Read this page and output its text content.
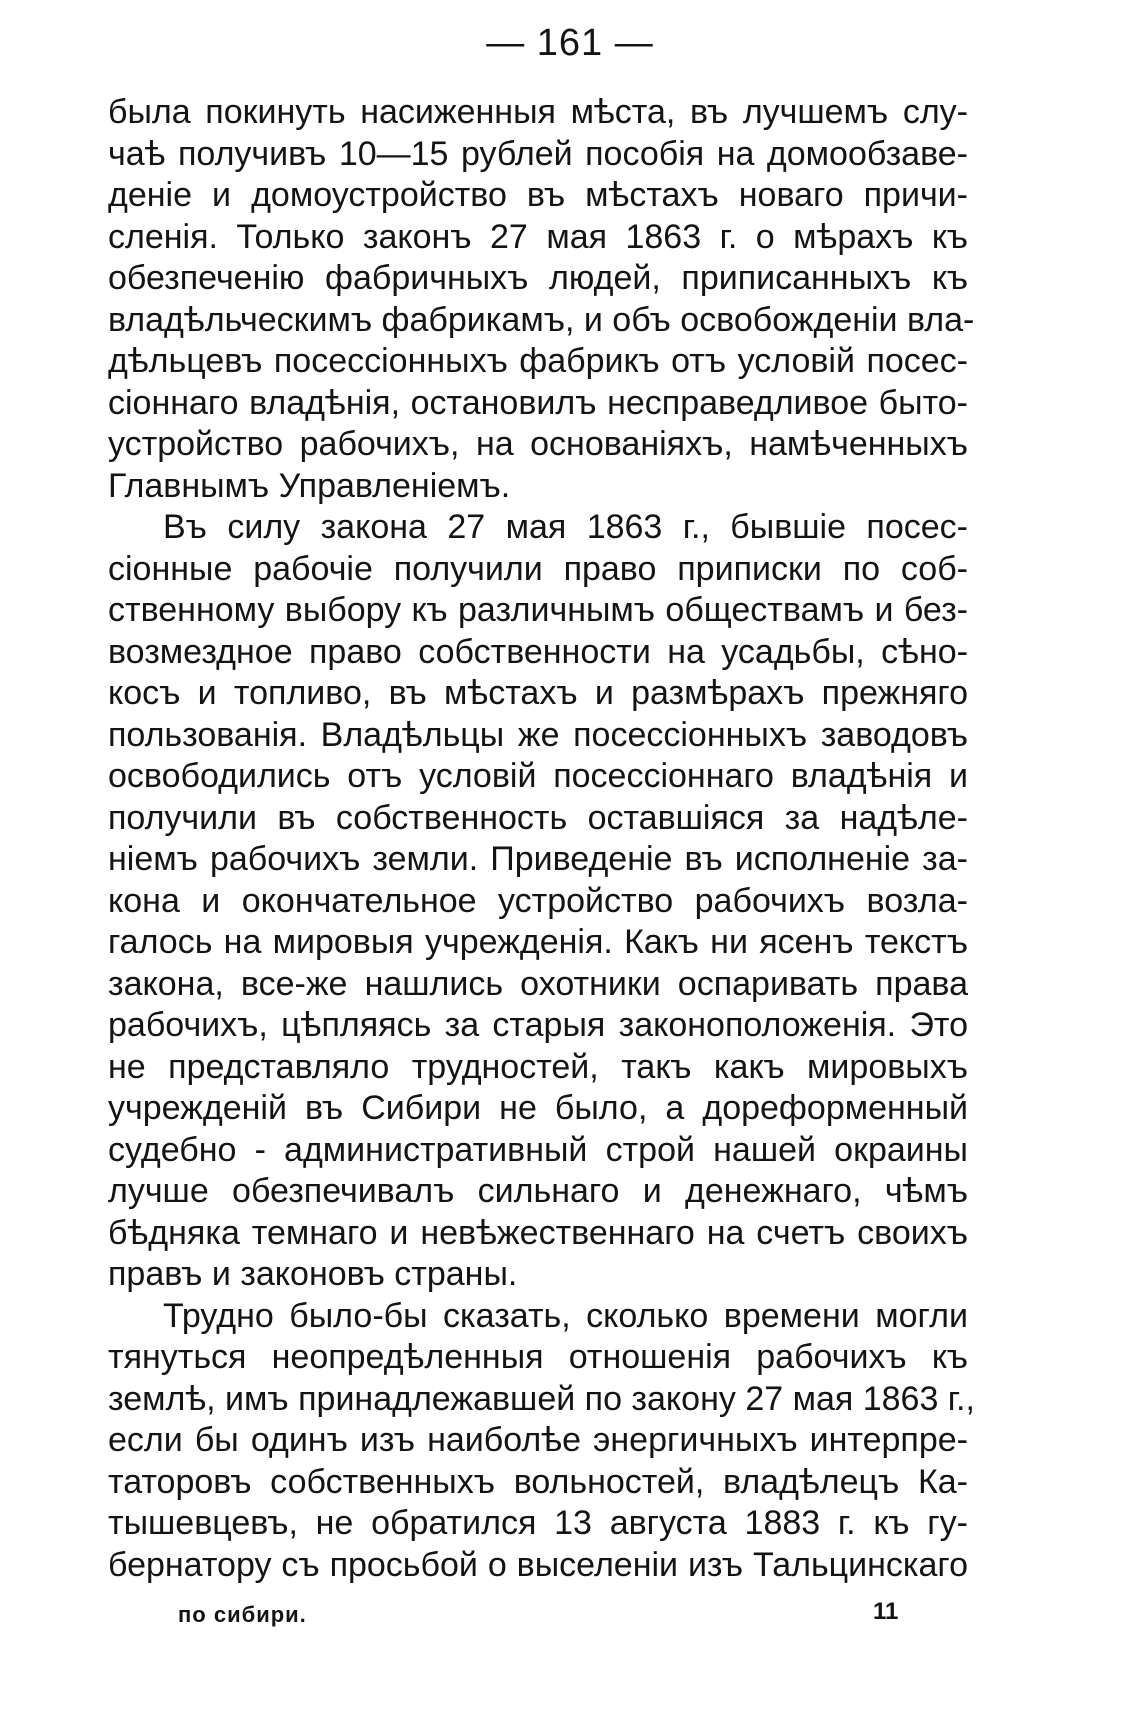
— 161 —
была покинуть насиженныя мѣста, въ лучшемъ слу-
чаѣ получивъ 10—15 рублей пособія на домообзаве-
деніе и домоустройство въ мѣстахъ новаго причи-
сленія. Только законъ 27 мая 1863 г. о мѣрахъ къ
обезпеченію фабричныхъ людей, приписанныхъ къ
владѣльческимъ фабрикамъ, и объ освобожденіи вла-
дѣльцевъ посессіонныхъ фабрикъ отъ условій посес-
сіоннаго владѣнія, остановилъ несправедливое быто-
устройство рабочихъ, на основаніяхъ, намѣченныхъ
Главнымъ Управленіемъ.
Въ силу закона 27 мая 1863 г., бывшіе посес-
сіонные рабочіе получили право приписки по соб-
ственному выбору къ различнымъ обществамъ и без-
возмездное право собственности на усадьбы, сѣно-
косъ и топливо, въ мѣстахъ и размѣрахъ прежняго
пользованія. Владѣльцы же посессіонныхъ заводовъ
освободились отъ условій посессіоннаго владѣнія и
получили въ собственность оставшіяся за надѣле-
ніемъ рабочихъ земли. Приведеніе въ исполненіе за-
кона и окончательное устройство рабочихъ возла-
галось на мировыя учрежденія. Какъ ни ясенъ текстъ
закона, все-же нашлись охотники оспаривать права
рабочихъ, цѣпляясь за старыя законоположенія. Это
не представляло трудностей, такъ какъ мировыхъ
учрежденій въ Сибири не было, а дореформенный
судебно - административный строй нашей окраины
лучше обезпечивалъ сильнаго и денежнаго, чѣмъ
бѣдняка темнаго и невѣжественнаго на счетъ своихъ
правъ и законовъ страны.
Трудно было-бы сказать, сколько времени могли
тянуться неопредѣленныя отношенія рабочихъ къ
землѣ, имъ принадлежавшей по закону 27 мая 1863 г.,
если бы одинъ изъ наиболѣе энергичныхъ интерпре-
таторовъ собственныхъ вольностей, владѣлецъ Ка-
тышевцевъ, не обратился 13 августа 1883 г. къ гу-
бернатору съ просьбой о выселеніи изъ Тальцинскаго
по сибири.	11
